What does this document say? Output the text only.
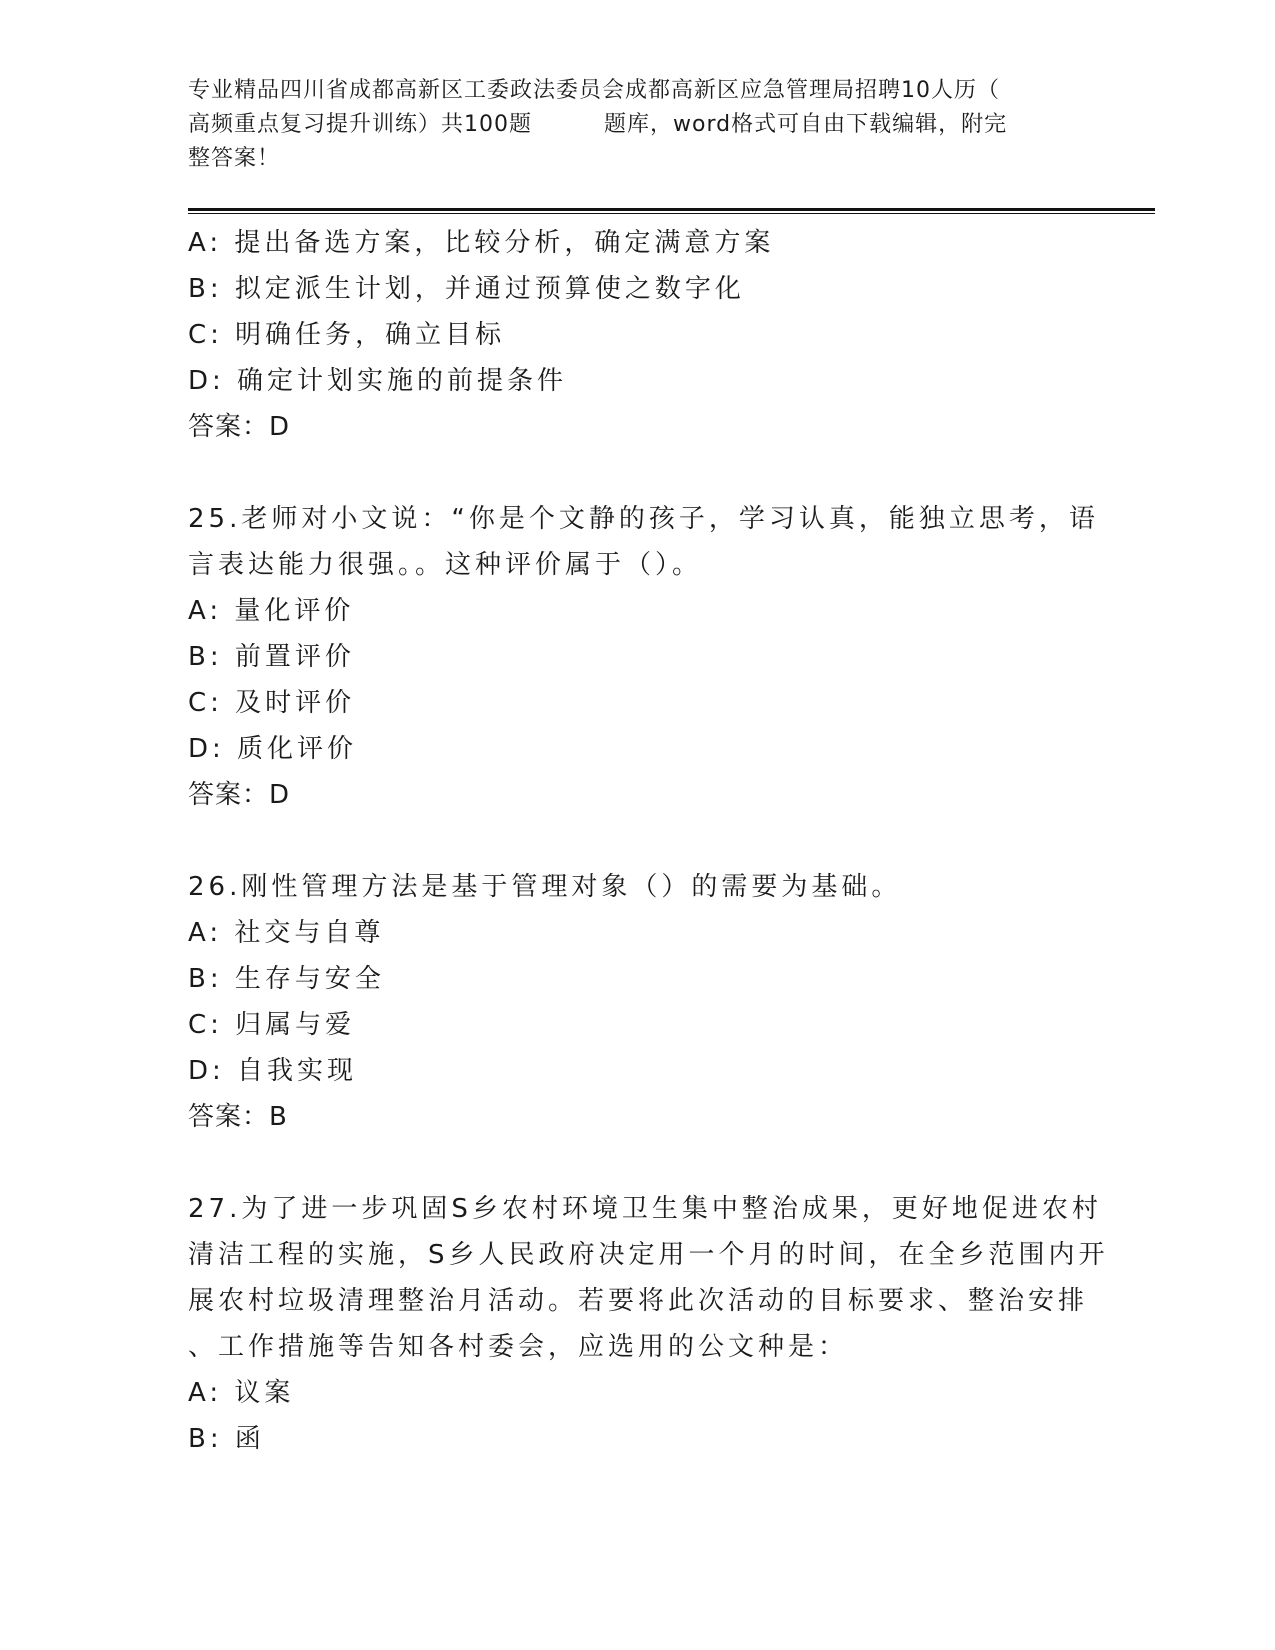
专业精品四川省成都高新区工委政法委员会成都高新区应急管理局招聘10人历（
高频重点复习提升训练）共100题	题库，word格式可自由下载编辑，附完
整答案！
A: 提出备选方案，比较分析，确定满意方案
B: 拟定派生计划，并通过预算使之数字化
C: 明确任务，确立目标
D: 确定计划实施的前提条件
答案：D
25.老师对小文说：“你是个文静的孩子，学习认真，能独立思考，语
言表达能力很强。。这种评价属于（）。
A: 量化评价
B: 前置评价
C: 及时评价
D: 质化评价
答案：D
26.刚性管理方法是基于管理对象（）的需要为基础。
A: 社交与自尊
B: 生存与安全
C: 归属与爱
D: 自我实现
答案：B
27.为了进一步巩固S乡农村环境卫生集中整治成果，更好地促进农村
清洁工程的实施，S乡人民政府决定用一个月的时间，在全乡范围内开
展农村垃圾清理整治月活动。若要将此次活动的目标要求、整治安排
、工作措施等告知各村委会，应选用的公文种是：
A: 议案
B: 函
